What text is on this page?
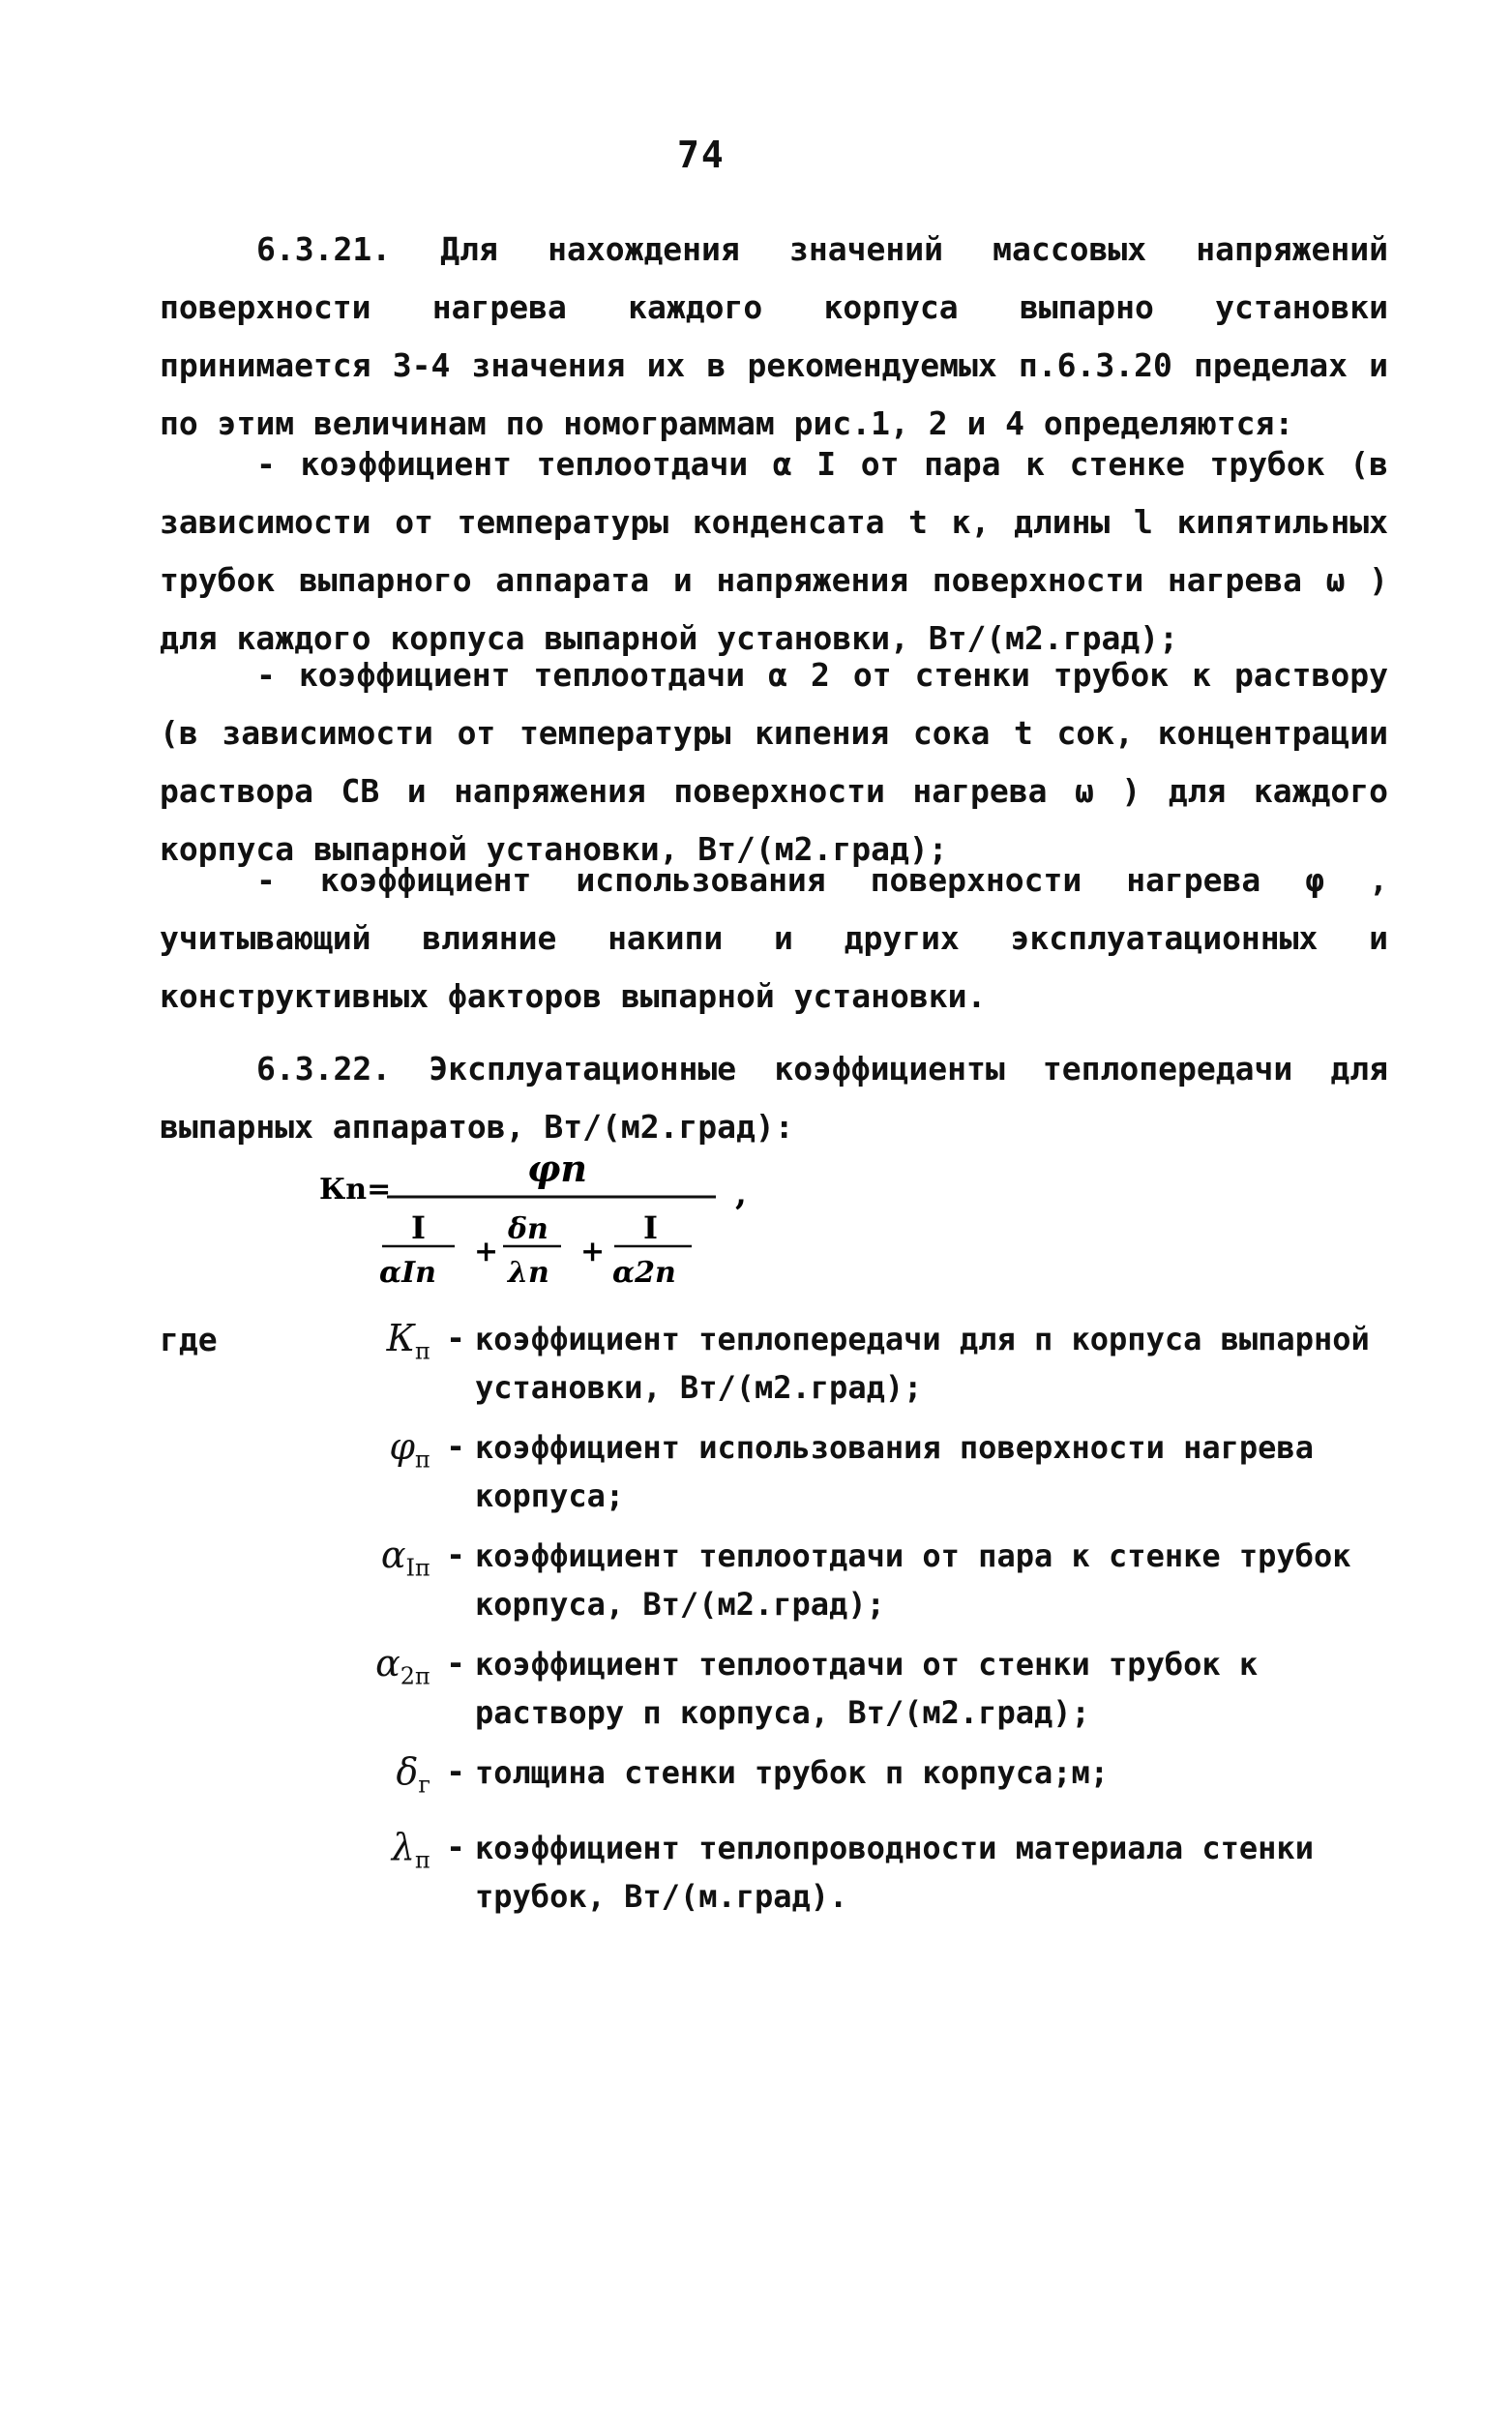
74
6.3.21. Для нахождения значений массовых напряжений поверхности нагрева каждого корпуса выпарно установки принимается 3-4 значения их в рекомендуемых п.6.3.20 пределах и по этим величинам по номограммам рис.1, 2 и 4 определяются:
- коэффициент теплоотдачи α I от пара к стенке трубок (в зависимости от температуры конденсата t к, длины l кипятильных трубок выпарного аппарата и напряжения поверхности нагрева ω ) для каждого корпуса выпарной установки, Вт/(м2.град);
- коэффициент теплоотдачи α 2 от стенки трубок к раствору (в зависимости от температуры кипения сока t сок, концентрации раствора СВ и напряжения поверхности нагрева ω ) для каждого корпуса выпарной установки, Вт/(м2.град);
- коэффициент использования поверхности нагрева φ , учитывающий влияние накипи и других эксплуатационных и конструктивных факторов выпарной установки.
6.3.22. Эксплуатационные коэффициенты теплопередачи для выпарных аппаратов, Вт/(м2.град):
Кn=	φn
,
I
αIn
+
δn
λn
+
I
α2n
где	$К_п$ - коэффициент теплопередачи для п корпуса выпарной установки, Вт/(м2.град);
$\varphi_п$ - коэффициент использования поверхности нагрева корпуса;
$\alpha_{Iп}$ - коэффициент теплоотдачи от пара к стенке трубок корпуса, Вт/(м2.град);
$\alpha_{2п}$ - коэффициент теплоотдачи от стенки трубок к раствору п корпуса, Вт/(м2.град);
$\delta_г$ - толщина стенки трубок п корпуса;м;
$\lambda_п$ - коэффициент теплопроводности материала стенки трубок, Вт/(м.град).
